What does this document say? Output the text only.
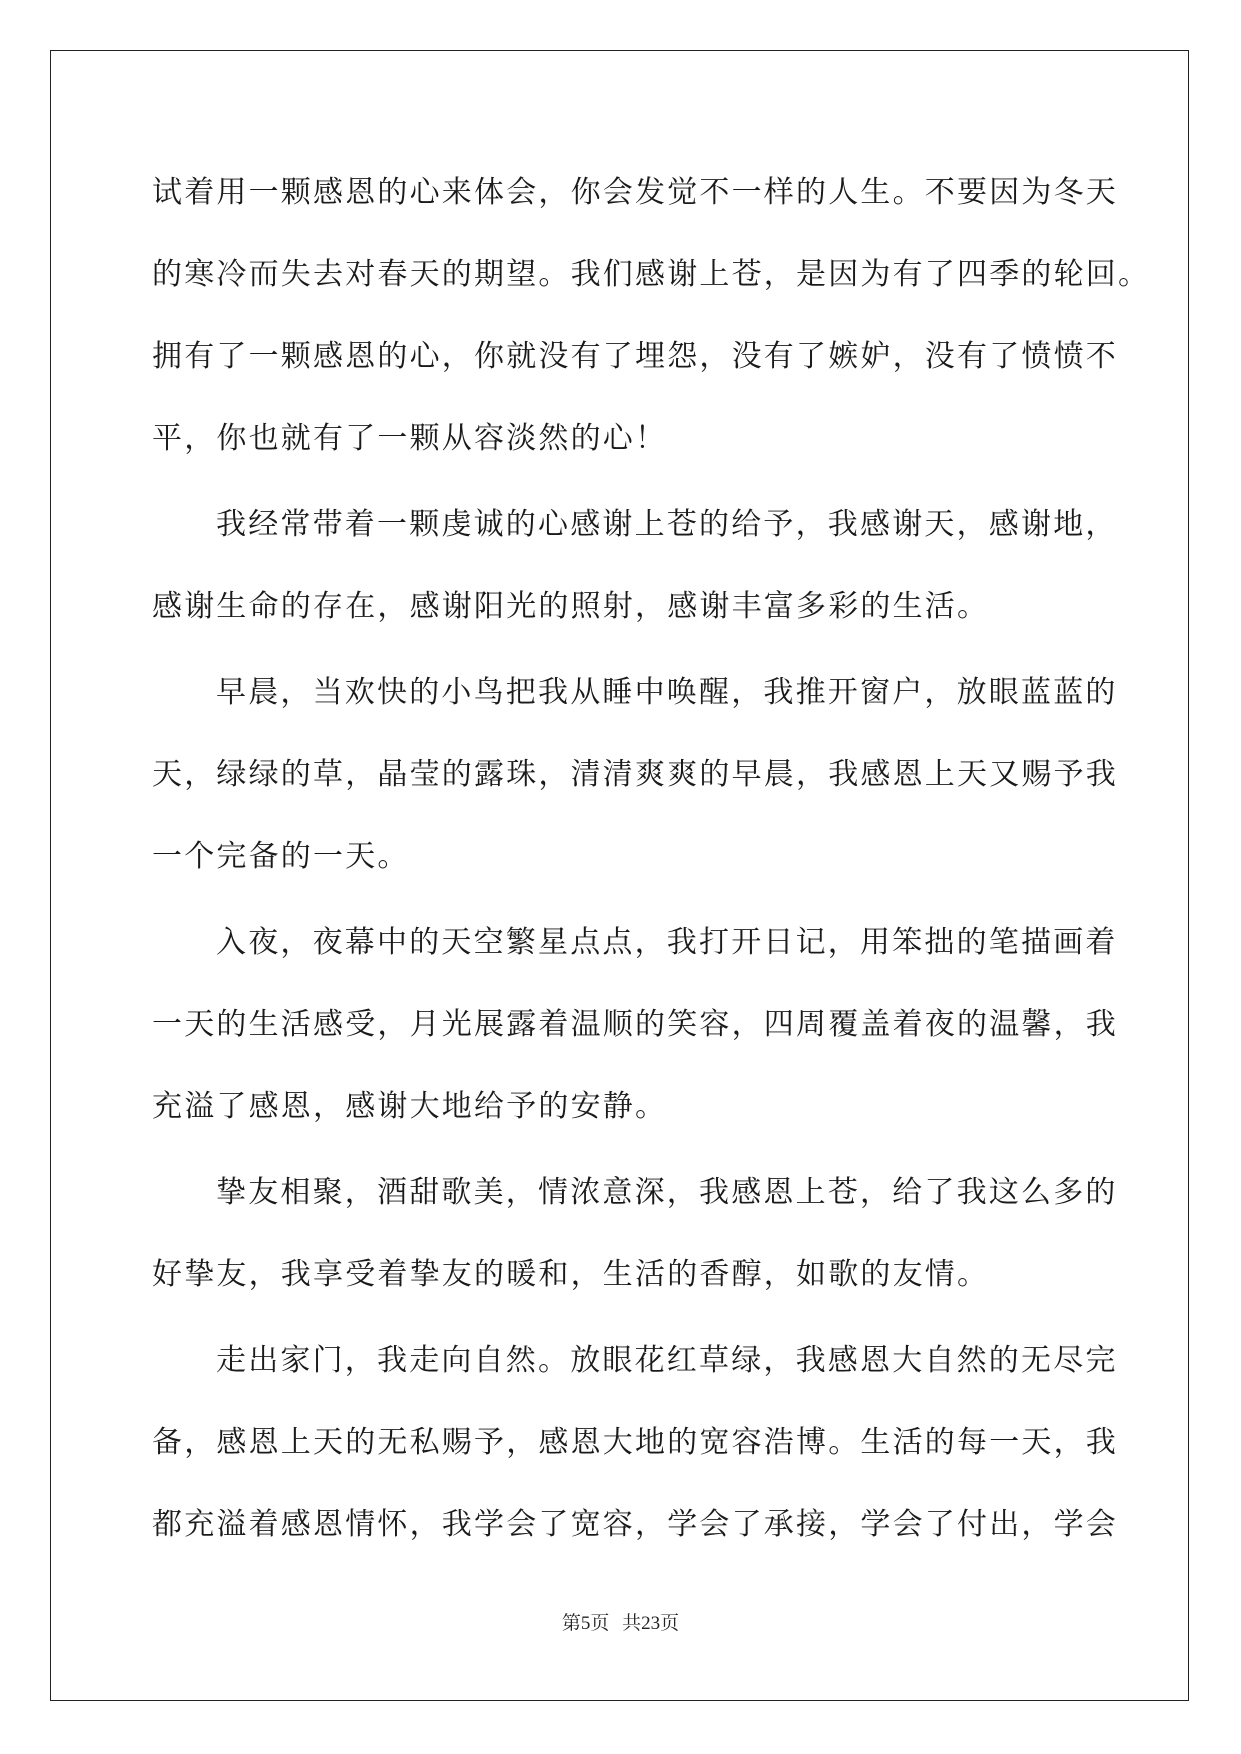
试着用一颗感恩的心来体会，你会发觉不一样的人生。不要因为冬天
的寒冷而失去对春天的期望。我们感谢上苍，是因为有了四季的轮回。
拥有了一颗感恩的心，你就没有了埋怨，没有了嫉妒，没有了愤愤不
平，你也就有了一颗从容淡然的心！
我经常带着一颗虔诚的心感谢上苍的给予，我感谢天，感谢地，
感谢生命的存在，感谢阳光的照射，感谢丰富多彩的生活。
早晨，当欢快的小鸟把我从睡中唤醒，我推开窗户，放眼蓝蓝的
天，绿绿的草，晶莹的露珠，清清爽爽的早晨，我感恩上天又赐予我
一个完备的一天。
入夜，夜幕中的天空繁星点点，我打开日记，用笨拙的笔描画着
一天的生活感受，月光展露着温顺的笑容，四周覆盖着夜的温馨，我
充溢了感恩，感谢大地给予的安静。
挚友相聚，酒甜歌美，情浓意深，我感恩上苍，给了我这么多的
好挚友，我享受着挚友的暖和，生活的香醇，如歌的友情。
走出家门，我走向自然。放眼花红草绿，我感恩大自然的无尽完
备，感恩上天的无私赐予，感恩大地的宽容浩博。生活的每一天，我
都充溢着感恩情怀，我学会了宽容，学会了承接，学会了付出，学会
第5页 共23页
